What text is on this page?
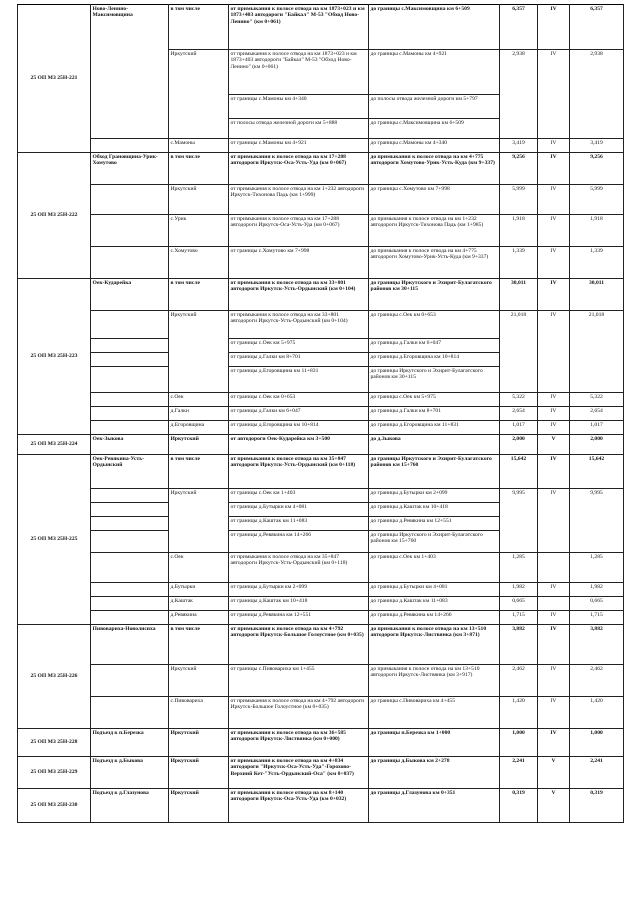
25 ОП МЗ 25Н-221	Ново-Ленино-Максимовщина	в том числе	от примыкания к полосе отвода на км 1873+023 и км 1873+403 автодороги "Байкал" М-53 "Обход Ново-Ленино" (км 0+061)	до границы с.Максимовщина км 6+509	6,357	IV	6,357
		Иркутский	от примыкания к полосе отвода на км 1873+023 и км 1873+403 автодороги "Байкал" М-53 "Обход Ново-Ленино" (км 0+061)	до границы с.Мамоны км 4+921	2,938	IV	2,938
			от границы с.Мамоны км 4+340	до полосы отвода железной дороги км 5+797			
			от полосы отвода железной дороги км 5+888	до границы с.Максимовщина км 6+509			
		с.Мамоны	от границы с.Мамоны км 4+921	до границы с.Мамоны км 4+340	3,419	IV	3,419
25 ОП МЗ 25Н-222	Обход Грановщина-Урик-Хомутово	в том числе	от примыкания к полосе отвода на км 17+288 автодороги Иркутск-Оса-Усть-Уда (км 0+067)	до примыкания к полосе отвода на км 4+775 автодороги Хомутово-Урик-Усть-Куда (км 9+337)	9,256	IV	9,256
		Иркутский	от примыкания к полосе отвода на км 1+232 автодороги Иркутск-Тихонова Падь (км 1+999)	до границы с.Хомутово км 7+998	5,999	IV	5,999
		с.Урик	от примыкания к полосе отвода на км 17+288 автодороги Иркутск-Оса-Усть-Уда (км 0+067)	до примыкания к полосе отвода на км 1+232 автодороги Иркутск-Тихонова Падь (км 1+985)	1,918	IV	1,918
		с.Хомутово	от границы с.Хомутово км 7+998	до примыкания к полосе отвода на км 4+775 автодороги Хомутово-Урик-Усть-Куда (км 9+337)	1,339	IV	1,339
25 ОП МЗ 25Н-223	Оек-Кударейка	в том числе	от примыкания к полосе отвода на км 33+801 автодороги Иркутск-Усть-Ордынский (км 0+104)	до границы Иркутского и Эхирит-Булагатского районов км 30+115	30,011	IV	30,011
		Иркутский	от примыкания к полосе отвода на км 33+801 автодороги Иркутск-Усть-Ордынский (км 0+104)	до границы с.Оек км 0+653	21,018	IV	21,018
			от границы с.Оек км 5+975	до границы д.Галки км 6+047			
			от границы д.Галки км 8+701	до границы д.Егоровщина км 10+814			
			от границы д.Егоровщина км 11+831	до границы Иркутского и Эхирит-Булагатского районов км 30+115			
		с.Оек	от границы с.Оек км 0+653	до границы с.Оек км 5+975	5,322	IV	5,322
		д.Галки	от границы д.Галки км 6+047	до границы д.Галки км 8+701	2,654	IV	2,654
		д.Егоровщина	от границы д.Егоровщина км 10+814	до границы д.Егоровщина км 11+831	1,017	IV	1,017
25 ОП МЗ 25Н-224	Оек-Зыкова	Иркутский	от автодороги Оек-Кударейка км 3+500	до д.Зыкова	2,000	V	2,000
25 ОП МЗ 25Н-225	Оек-Ревякина-Усть-Ордынский	в том числе	от примыкания к полосе отвода на км 35+847 автодороги Иркутск-Усть-Ордынский (км 0+118)	до границы Иркутского и Эхирит-Булагатского районов км 15+760	15,642	IV	15,642
		Иркутский	от границы с.Оек км 1+403	до границы д.Бутырки км 2+099	9,995	IV	9,995
			от границы д.Бутырки км 4+081	до границы д.Каштак км 10+418			
			от границы д.Каштак км 11+083	до границы д.Ревякина км 12+551			
			от границы д.Ревякина км 14+266	до границы Иркутского и Эхирит-Булагатского районов км 15+760			
		с.Оек	от примыкания к полосе отвода на км 35+847 автодороги Иркутск-Усть-Ордынский (км 0+118)	до границы с.Оек км 1+403	1,285		1,285
		д.Бутырки	от границы д.Бутырки км 2+099	до границы д.Бутырки км 4+081	1,982	IV	1,982
		д.Каштак	от границы д.Каштак км 10+418	до границы д.Каштак км 11+083	0,665		0,665
		д.Ревякина	от границы д.Ревякина км 12+551	до границы д.Ревякина км 14+266	1,715	IV	1,715
25 ОП МЗ 25Н-226	Пивовариха-Новолисиха	в том числе	от примыкания к полосе отвода на км 4+792 автодороги Иркутск-Большое Голоустное (км 0+035)	до примыкания к полосе отвода на км 13+510 автодороги Иркутск-Листвянка (км 3+871)	3,882	IV	3,882
		Иркутский	от границы с.Пивовариха км 1+455	до примыкания к полосе отвода на км 13+510 автодороги Иркутск-Листвянка (км 3+917)	2,462	IV	2,462
		с.Пивовариха	от примыкания к полосе отвода на км 4+792 автодороги Иркутск-Большое Голоустное (км 0+035)	до границы с.Пивовариха км 4+455	1,420	IV	1,420
25 ОП МЗ 25Н-228	Подъезд к п.Березка	Иркутский	от примыкания к полосе отвода на км 36+585 автодороги Иркутск-Листвянка (км 0+000)	до границы п.Березка км 1+000	1,000	IV	1,000
25 ОП МЗ 25Н-229	Подъезд к д.Быкова	Иркутский	от примыкания к полосе отвода на км 4+834 автодороги "Иркутск-Оса-Усть-Уда"-Горохово-Верхний Кет-"Усть-Ордынский-Оса" (км 0+037)	до границы д.Быкова км 2+278	2,241	V	2,241
25 ОП МЗ 25Н-230	Подъезд к д.Глазунова	Иркутский	от примыкания к полосе отвода на км 8+140 автодороги Иркутск-Оса-Усть-Уда (км 0+032)	до границы д.Глазунова км 0+351	0,319	V	0,319
